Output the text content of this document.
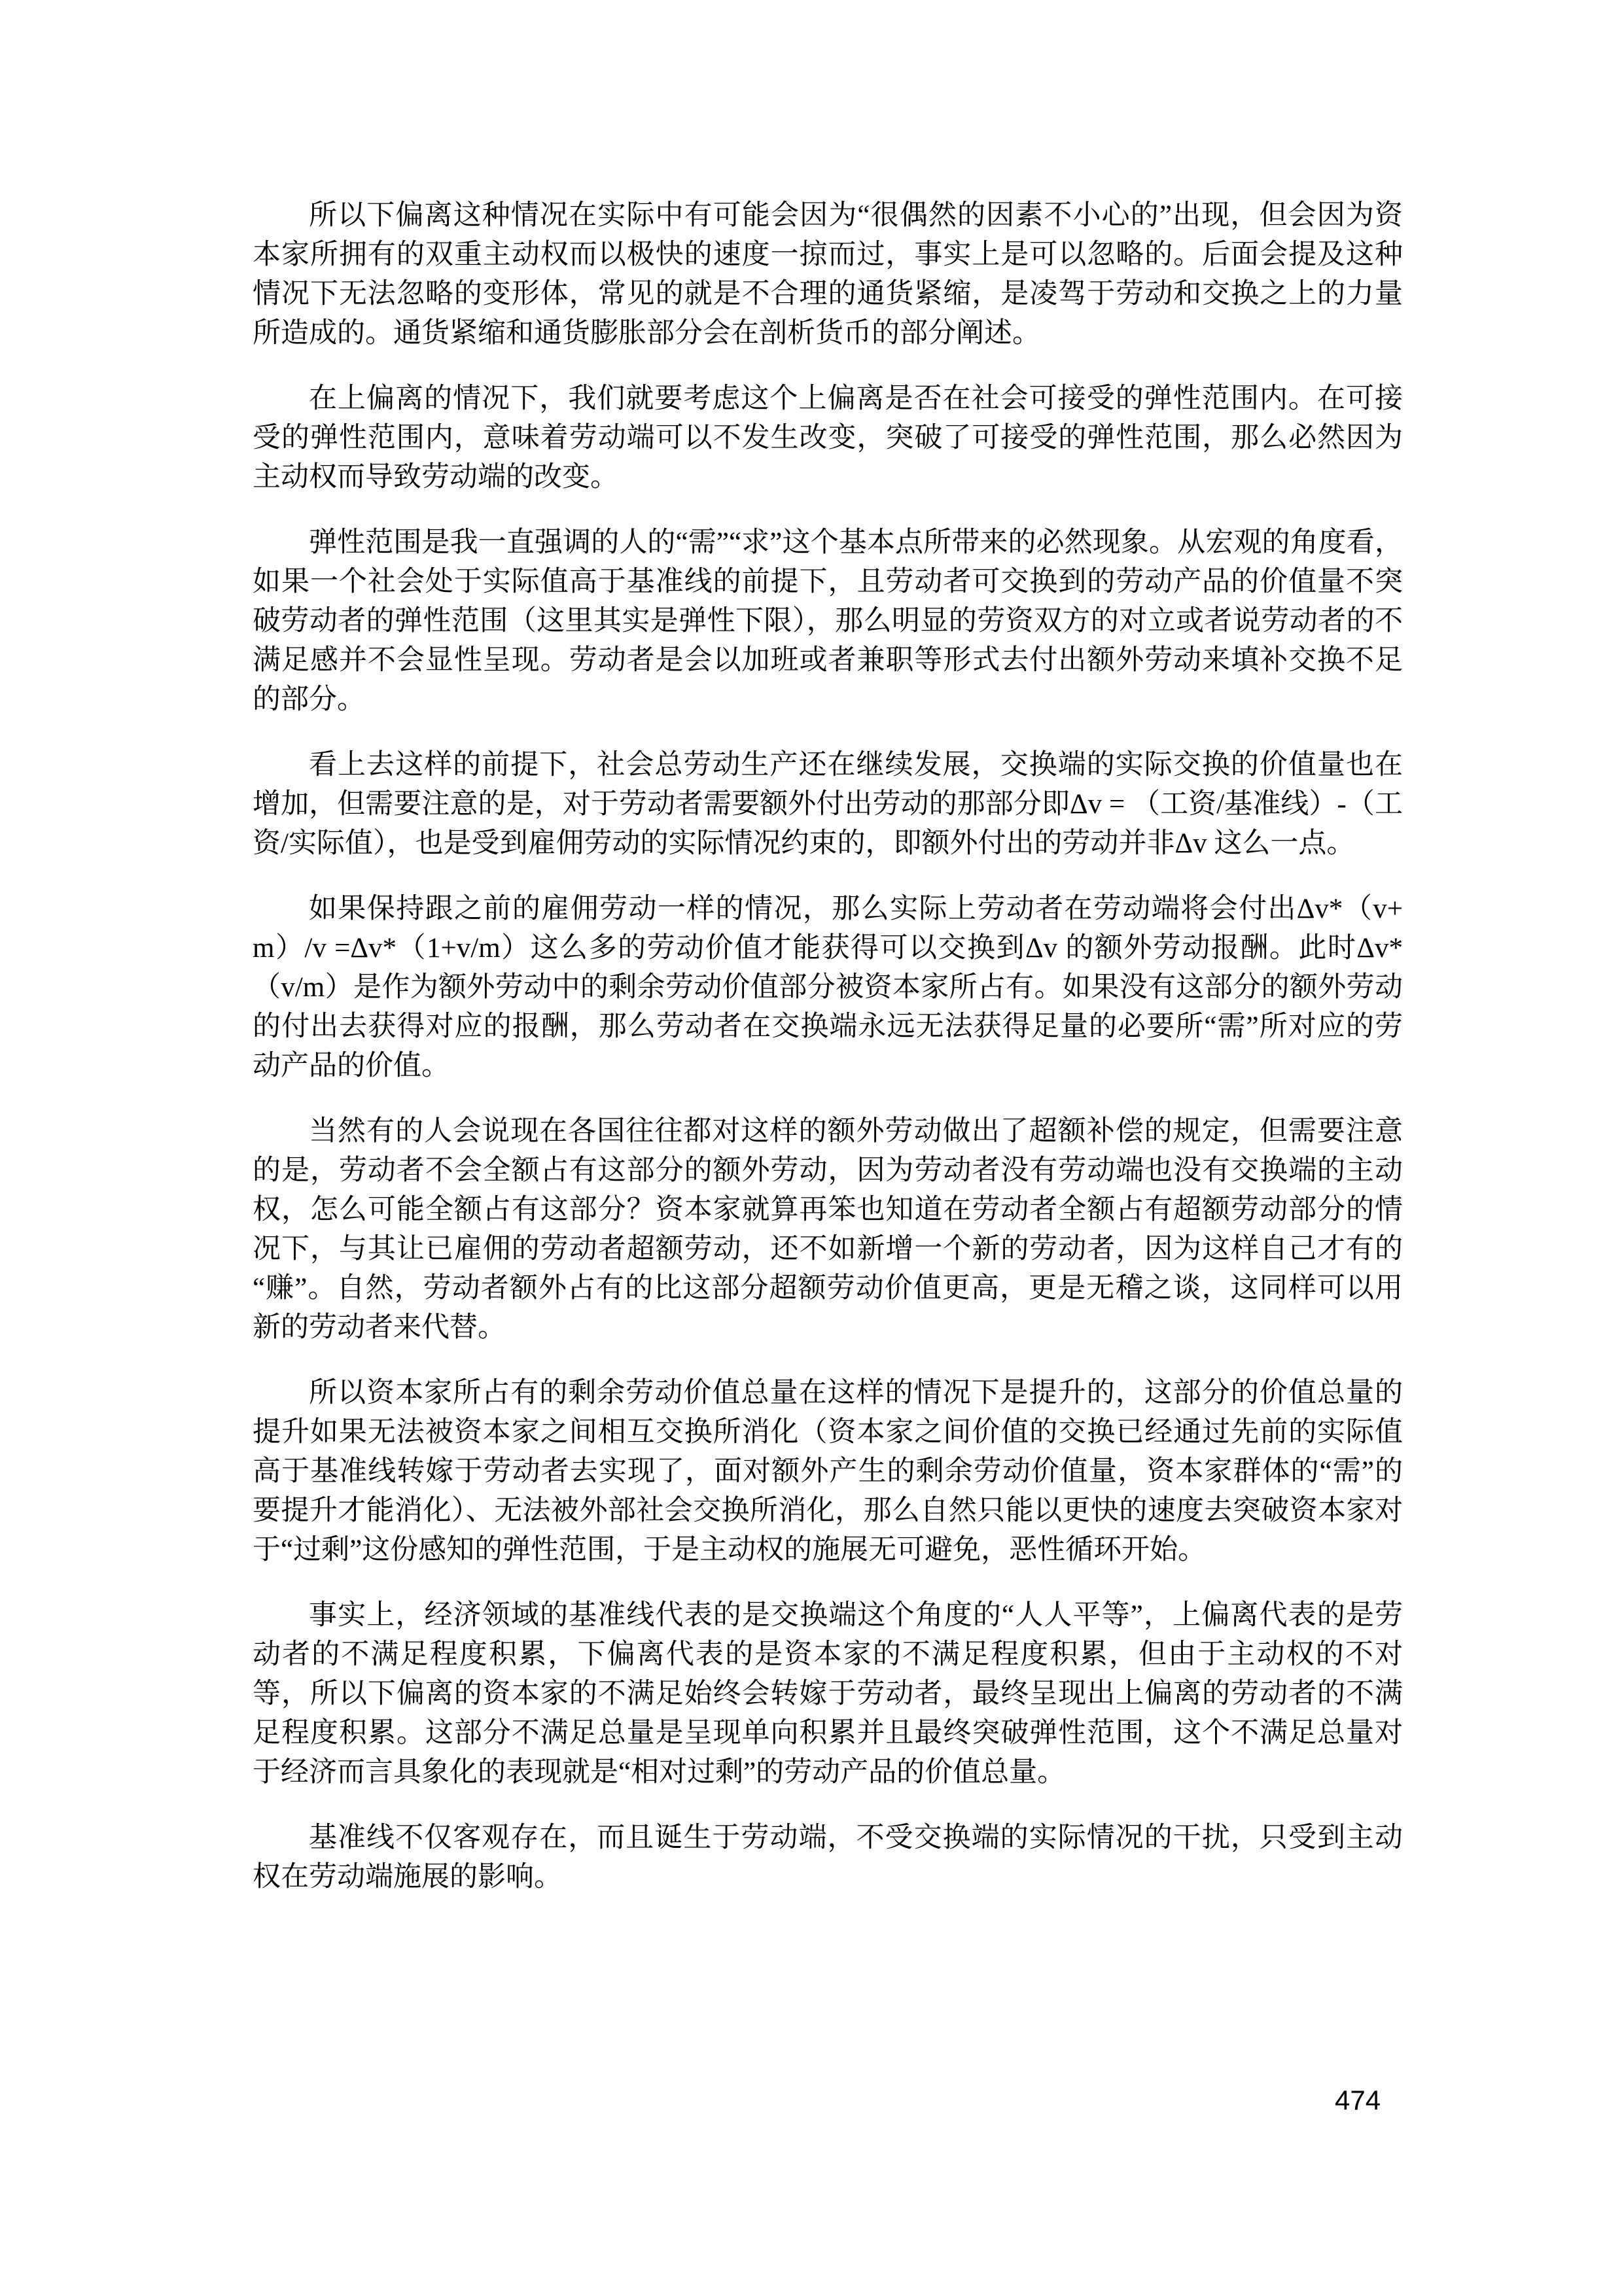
所以下偏离这种情况在实际中有可能会因为“很偶然的因素不小心的”出现，但会因为资本家所拥有的双重主动权而以极快的速度一掠而过，事实上是可以忽略的。后面会提及这种情况下无法忽略的变形体，常见的就是不合理的通货紧缩，是凌驾于劳动和交换之上的力量所造成的。通货紧缩和通货膨胀部分会在剖析货币的部分阐述。

在上偏离的情况下，我们就要考虑这个上偏离是否在社会可接受的弹性范围内。在可接受的弹性范围内，意味着劳动端可以不发生改变，突破了可接受的弹性范围，那么必然因为主动权而导致劳动端的改变。

弹性范围是我一直强调的人的“需”“求”这个基本点所带来的必然现象。从宏观的角度看，如果一个社会处于实际值高于基准线的前提下，且劳动者可交换到的劳动产品的价值量不突破劳动者的弹性范围（这里其实是弹性下限），那么明显的劳资双方的对立或者说劳动者的不满足感并不会显性呈现。劳动者是会以加班或者兼职等形式去付出额外劳动来填补交换不足的部分。

看上去这样的前提下，社会总劳动生产还在继续发展，交换端的实际交换的价值量也在增加，但需要注意的是，对于劳动者需要额外付出劳动的那部分即Δv = （工资/基准线）-（工资/实际值），也是受到雇佣劳动的实际情况约束的，即额外付出的劳动并非Δv 这么一点。

如果保持跟之前的雇佣劳动一样的情况，那么实际上劳动者在劳动端将会付出Δv*（v+m）/v =Δv*（1+v/m）这么多的劳动价值才能获得可以交换到Δv 的额外劳动报酬。此时Δv*（v/m）是作为额外劳动中的剩余劳动价值部分被资本家所占有。如果没有这部分的额外劳动的付出去获得对应的报酬，那么劳动者在交换端永远无法获得足量的必要所“需”所对应的劳动产品的价值。

当然有的人会说现在各国往往都对这样的额外劳动做出了超额补偿的规定，但需要注意的是，劳动者不会全额占有这部分的额外劳动，因为劳动者没有劳动端也没有交换端的主动权，怎么可能全额占有这部分？资本家就算再笨也知道在劳动者全额占有超额劳动部分的情况下，与其让已雇佣的劳动者超额劳动，还不如新增一个新的劳动者，因为这样自己才有的“赚”。自然，劳动者额外占有的比这部分超额劳动价值更高，更是无稽之谈，这同样可以用新的劳动者来代替。

所以资本家所占有的剩余劳动价值总量在这样的情况下是提升的，这部分的价值总量的提升如果无法被资本家之间相互交换所消化（资本家之间价值的交换已经通过先前的实际值高于基准线转嫁于劳动者去实现了，面对额外产生的剩余劳动价值量，资本家群体的“需”的要提升才能消化）、无法被外部社会交换所消化，那么自然只能以更快的速度去突破资本家对于“过剩”这份感知的弹性范围，于是主动权的施展无可避免，恶性循环开始。

事实上，经济领域的基准线代表的是交换端这个角度的“人人平等”，上偏离代表的是劳动者的不满足程度积累，下偏离代表的是资本家的不满足程度积累，但由于主动权的不对等，所以下偏离的资本家的不满足始终会转嫁于劳动者，最终呈现出上偏离的劳动者的不满足程度积累。这部分不满足总量是呈现单向积累并且最终突破弹性范围，这个不满足总量对于经济而言具象化的表现就是“相对过剩”的劳动产品的价值总量。

基准线不仅客观存在，而且诞生于劳动端，不受交换端的实际情况的干扰，只受到主动权在劳动端施展的影响。

474
